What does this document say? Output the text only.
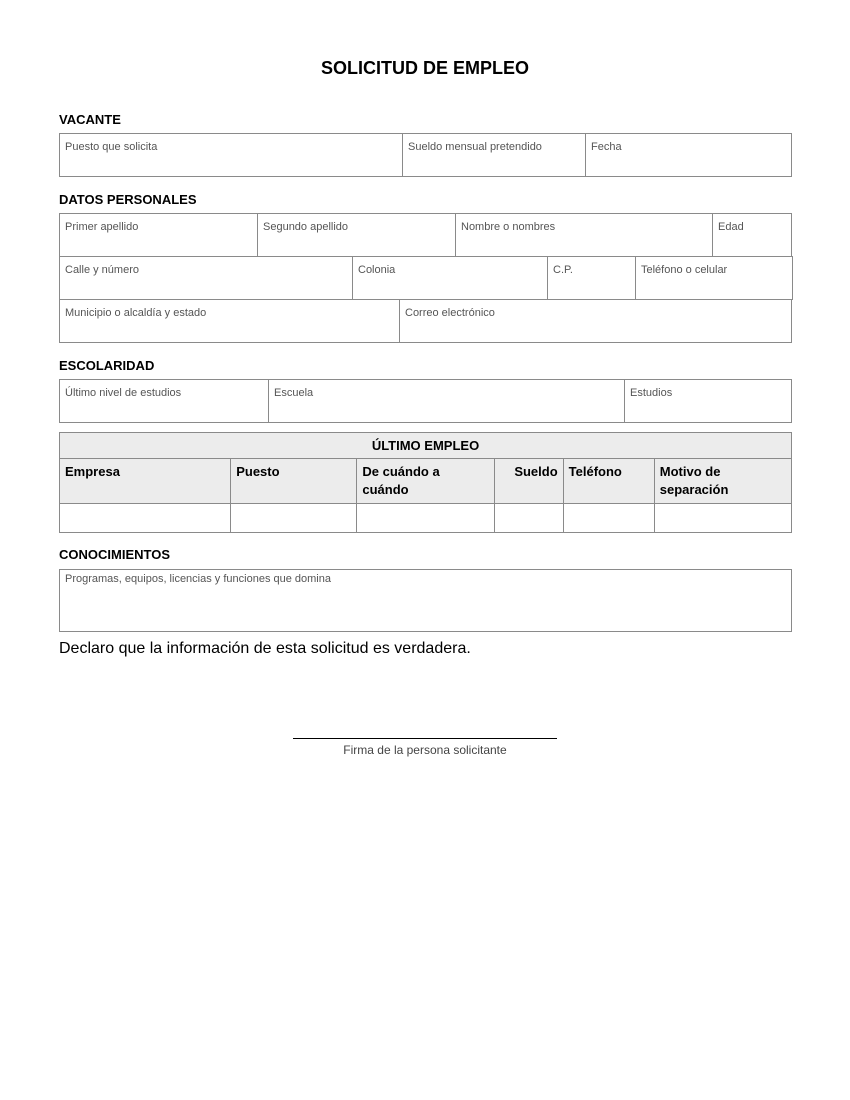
SOLICITUD DE EMPLEO
VACANTE
Puesto que solicita	Sueldo mensual pretendido	Fecha
DATOS PERSONALES
Primer apellido	Segundo apellido	Nombre o nombres	Edad
Calle y número	Colonia	C.P.	Teléfono o celular
Municipio o alcaldía y estado	Correo electrónico
ESCOLARIDAD
Último nivel de estudios	Escuela	Estudios
ÚLTIMO EMPLEO					
Empresa	Puesto	De cuándo a cuándo	Sueldo	Teléfono	Motivo de separación

CONOCIMIENTOS
Programas, equipos, licencias y funciones que domina
Declaro que la información de esta solicitud es verdadera.
Firma de la persona solicitante
